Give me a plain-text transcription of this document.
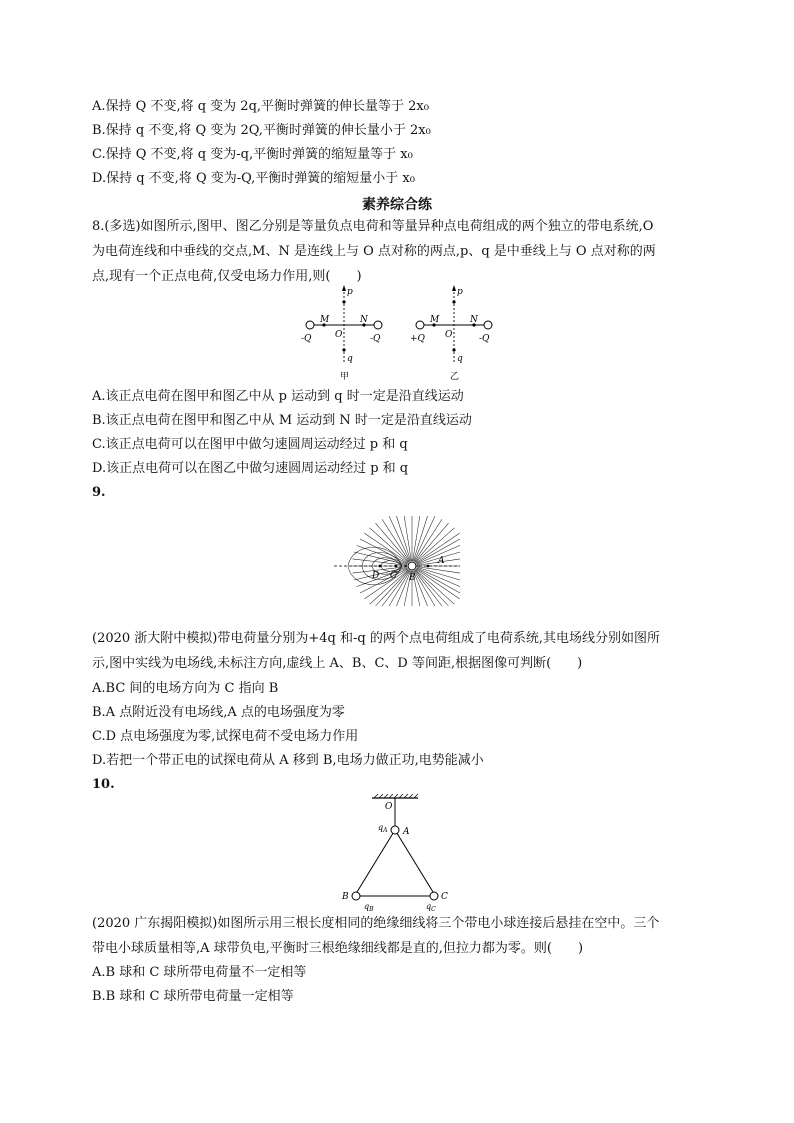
A.保持 Q 不变,将 q 变为 2q,平衡时弹簧的伸长量等于 2x₀
B.保持 q 不变,将 Q 变为 2Q,平衡时弹簧的伸长量小于 2x₀
C.保持 Q 不变,将 q 变为-q,平衡时弹簧的缩短量等于 x₀
D.保持 q 不变,将 Q 变为-Q,平衡时弹簧的缩短量小于 x₀
素养综合练
8.(多选)如图所示,图甲、图乙分别是等量负点电荷和等量异种点电荷组成的两个独立的带电系统,O
为电荷连线和中垂线的交点,M、N 是连线上与 O 点对称的两点,p、q 是中垂线上与 O 点对称的两
点,现有一个正点电荷,仅受电场力作用,则(　　)
p
q
M	N
O
-Q	-Q
甲
p
q
M	N
O
+Q	-Q
乙
A.该正点电荷在图甲和图乙中从 p 运动到 q 时一定是沿直线运动
B.该正点电荷在图甲和图乙中从 M 运动到 N 时一定是沿直线运动
C.该正点电荷可以在图甲中做匀速圆周运动经过 p 和 q
D.该正点电荷可以在图乙中做匀速圆周运动经过 p 和 q
9.
A
B
C
D
(2020 浙大附中模拟)带电荷量分别为+4q 和-q 的两个点电荷组成了电荷系统,其电场线分别如图所
示,图中实线为电场线,未标注方向,虚线上 A、B、C、D 等间距,根据图像可判断(　　)
A.BC 间的电场方向为 C 指向 B
B.A 点附近没有电场线,A 点的电场强度为零
C.D 点电场强度为零,试探电荷不受电场力作用
D.若把一个带正电的试探电荷从 A 移到 B,电场力做正功,电势能减小
10.
O
A
B	C
$q_A$
$q_B$	$q_C$
(2020 广东揭阳模拟)如图所示用三根长度相同的绝缘细线将三个带电小球连接后悬挂在空中。三个
带电小球质量相等,A 球带负电,平衡时三根绝缘细线都是直的,但拉力都为零。则(　　)
A.B 球和 C 球所带电荷量不一定相等
B.B 球和 C 球所带电荷量一定相等
